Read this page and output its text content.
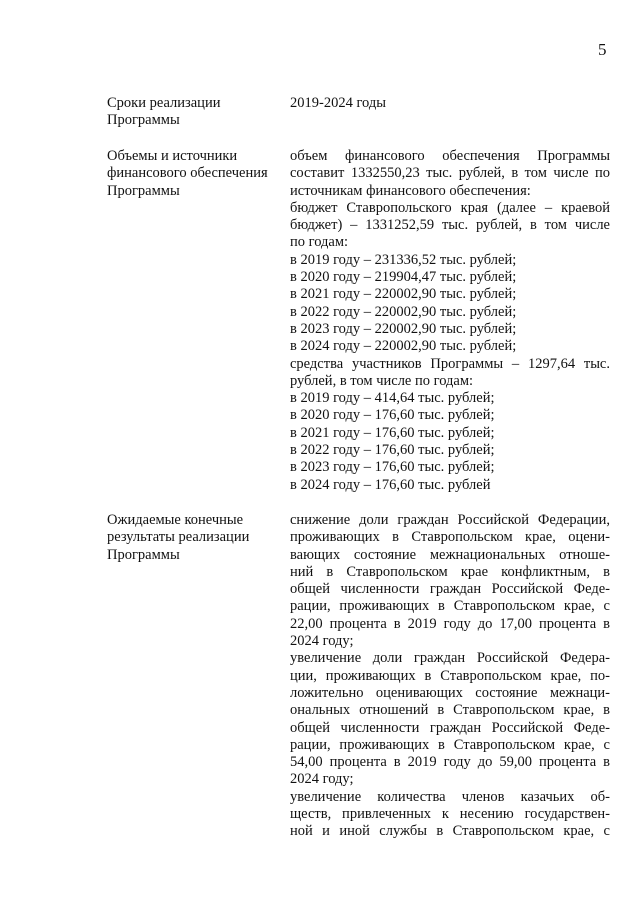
5
Сроки реализации
Программы
2019-2024 годы
Объемы и источники
финансового обеспечения
Программы
объем финансового обеспечения Программы
составит 1332550,23 тыс. рублей, в том числе по
источникам финансового обеспечения:
бюджет Ставропольского края (далее – краевой
бюджет) – 1331252,59 тыс. рублей, в том числе
по годам:
в 2019 году – 231336,52 тыс. рублей;
в 2020 году – 219904,47 тыс. рублей;
в 2021 году – 220002,90 тыс. рублей;
в 2022 году – 220002,90 тыс. рублей;
в 2023 году – 220002,90 тыс. рублей;
в 2024 году – 220002,90 тыс. рублей;
средства участников Программы – 1297,64 тыс.
рублей, в том числе по годам:
в 2019 году – 414,64 тыс. рублей;
в 2020 году – 176,60 тыс. рублей;
в 2021 году – 176,60 тыс. рублей;
в 2022 году – 176,60 тыс. рублей;
в 2023 году – 176,60 тыс. рублей;
в 2024 году – 176,60 тыс. рублей
Ожидаемые конечные
результаты реализации
Программы
снижение доли граждан Российской Федерации,
проживающих в Ставропольском крае, оцени-
вающих состояние межнациональных отноше-
ний в Ставропольском крае конфликтным, в
общей численности граждан Российской Феде-
рации, проживающих в Ставропольском крае, с
22,00 процента в 2019 году до 17,00 процента в
2024 году;
увеличение доли граждан Российской Федера-
ции, проживающих в Ставропольском крае, по-
ложительно оценивающих состояние межнаци-
ональных отношений в Ставропольском крае, в
общей численности граждан Российской Феде-
рации, проживающих в Ставропольском крае, с
54,00 процента в 2019 году до 59,00 процента в
2024 году;
увеличение количества членов казачьих об-
ществ, привлеченных к несению государствен-
ной и иной службы в Ставропольском крае, с
